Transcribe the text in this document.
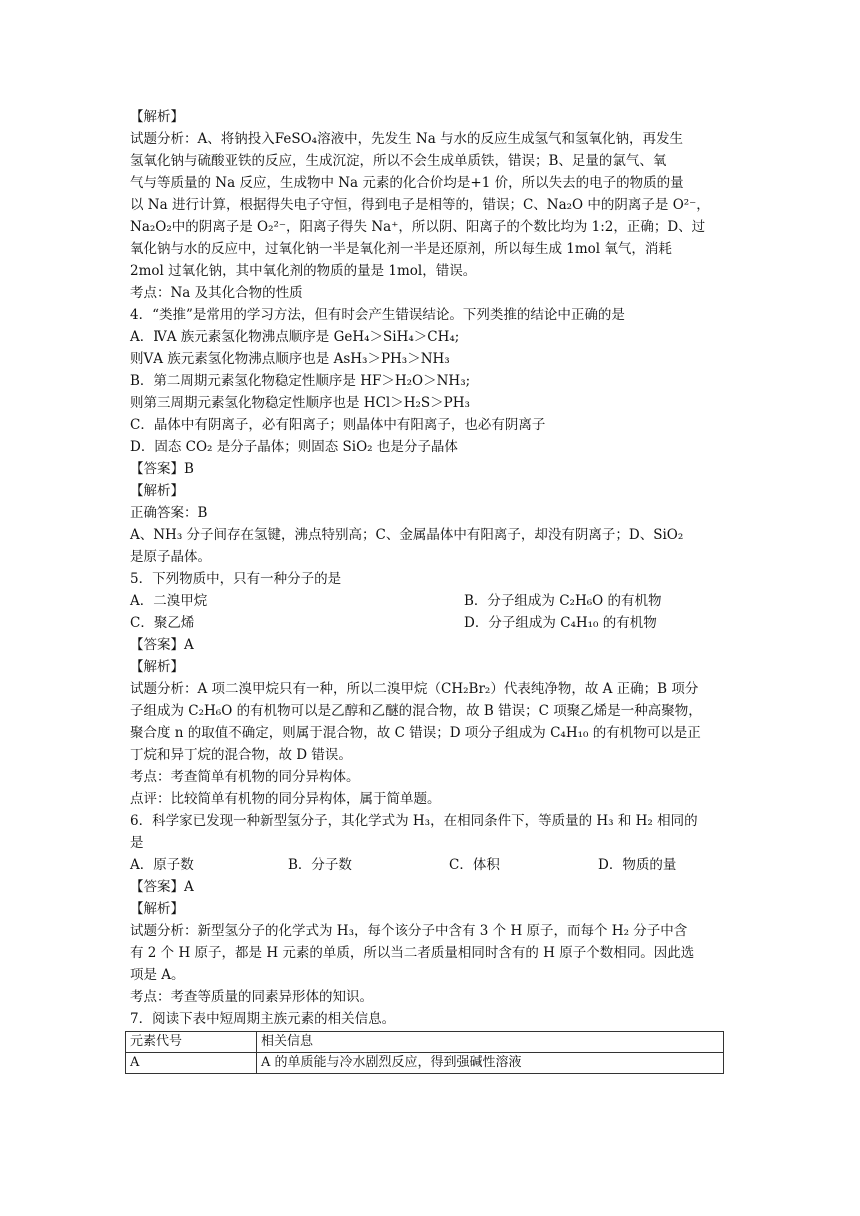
【解析】
试题分析：A、将钠投入FeSO₄溶液中，先发生 Na 与水的反应生成氢气和氢氧化钠，再发生
氢氧化钠与硫酸亚铁的反应，生成沉淀，所以不会生成单质铁，错误；B、足量的氯气、氧
气与等质量的 Na 反应，生成物中 Na 元素的化合价均是+1 价，所以失去的电子的物质的量
以 Na 进行计算，根据得失电子守恒，得到电子是相等的，错误；C、Na₂O 中的阴离子是 O²⁻，
Na₂O₂中的阴离子是 O₂²⁻，阳离子得失 Na⁺，所以阴、阳离子的个数比均为 1:2，正确；D、过
氧化钠与水的反应中，过氧化钠一半是氧化剂一半是还原剂，所以每生成 1mol 氧气，消耗
2mol 过氧化钠，其中氧化剂的物质的量是 1mol，错误。
考点：Na 及其化合物的性质
4．“类推”是常用的学习方法，但有时会产生错误结论。下列类推的结论中正确的是
A．ⅣA 族元素氢化物沸点顺序是 GeH₄＞SiH₄＞CH₄;
则ⅤA 族元素氢化物沸点顺序也是 AsH₃＞PH₃＞NH₃
B．第二周期元素氢化物稳定性顺序是 HF＞H₂O＞NH₃;
则第三周期元素氢化物稳定性顺序也是 HCl＞H₂S＞PH₃
C．晶体中有阴离子，必有阳离子；则晶体中有阳离子，也必有阴离子
D．固态 CO₂ 是分子晶体；则固态 SiO₂ 也是分子晶体
【答案】B
【解析】
正确答案：B
A、NH₃ 分子间存在氢键，沸点特别高；C、金属晶体中有阳离子，却没有阴离子；D、SiO₂
是原子晶体。
5．下列物质中，只有一种分子的是
A．二溴甲烷	B．分子组成为 C₂H₆O 的有机物
C．聚乙烯	D．分子组成为 C₄H₁₀ 的有机物
【答案】A
【解析】
试题分析：A 项二溴甲烷只有一种，所以二溴甲烷（CH₂Br₂）代表纯净物，故 A 正确；B 项分
子组成为 C₂H₆O 的有机物可以是乙醇和乙醚的混合物，故 B 错误；C 项聚乙烯是一种高聚物，
聚合度 n 的取值不确定，则属于混合物，故 C 错误；D 项分子组成为 C₄H₁₀ 的有机物可以是正
丁烷和异丁烷的混合物，故 D 错误。
考点：考查简单有机物的同分异构体。
点评：比较简单有机物的同分异构体，属于简单题。
6．科学家已发现一种新型氢分子，其化学式为 H₃，在相同条件下，等质量的 H₃ 和 H₂ 相同的
是
A．原子数	B．分子数	C．体积	D．物质的量
【答案】A
【解析】
试题分析：新型氢分子的化学式为 H₃，每个该分子中含有 3 个 H 原子，而每个 H₂ 分子中含
有 2 个 H 原子，都是 H 元素的单质，所以当二者质量相同时含有的 H 原子个数相同。因此选
项是 A。
考点：考查等质量的同素异形体的知识。
7．阅读下表中短周期主族元素的相关信息。
元素代号	相关信息
A	A 的单质能与冷水剧烈反应，得到强碱性溶液
